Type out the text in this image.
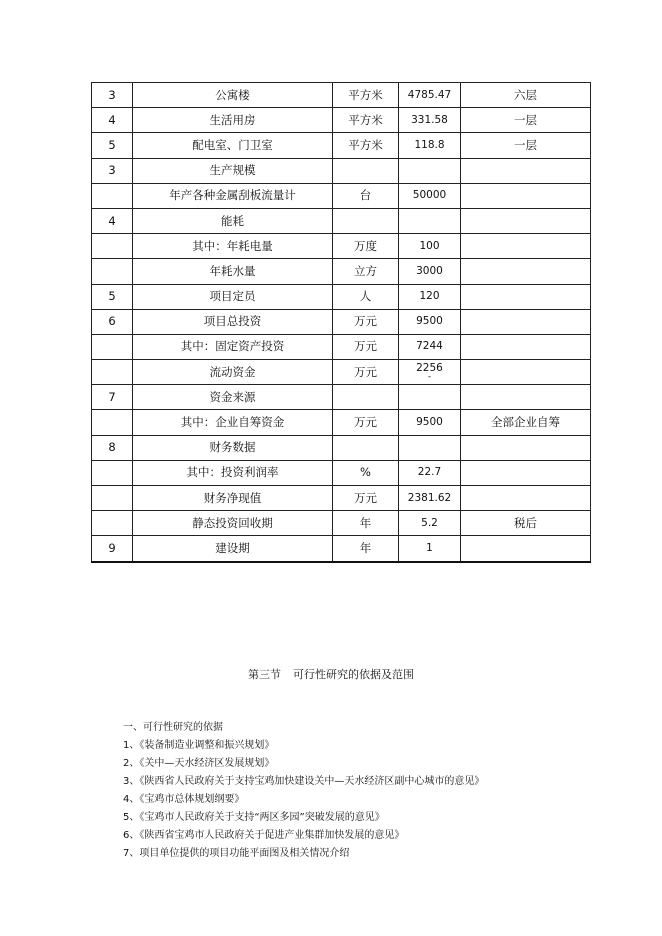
3	公寓楼	平方米	4785.47	六层
4	生活用房	平方米	331.58	一层
5	配电室、门卫室	平方米	118.8	一层
3	生产规模			
	年产各种金属刮板流量计	台	50000	
4	能耗			
	其中：年耗电量	万度	100	
	年耗水量	立方	3000	
5	项目定员	人	120	
6	项目总投资	万元	9500	
	其中：固定资产投资	万元	7244	
	流动资金	万元	2256
-	

7	资金来源			
	其中：企业自筹资金	万元	9500	全部企业自筹
8	财务数据			
	其中：投资利润率	%	22.7	
	财务净现值	万元	2381.62	
	静态投资回收期	年	5.2	税后
9	建设期	年	1	
第三节 可行性研究的依据及范围
一、可行性研究的依据
1、《装备制造业调整和振兴规划》
2、《关中—天水经济区发展规划》
3、《陕西省人民政府关于支持宝鸡加快建设关中—天水经济区副中心城市的意见》
4、《宝鸡市总体规划纲要》
5、《宝鸡市人民政府关于支持“两区多园”突破发展的意见》
6、《陕西省宝鸡市人民政府关于促进产业集群加快发展的意见》
7、项目单位提供的项目功能平面图及相关情况介绍
